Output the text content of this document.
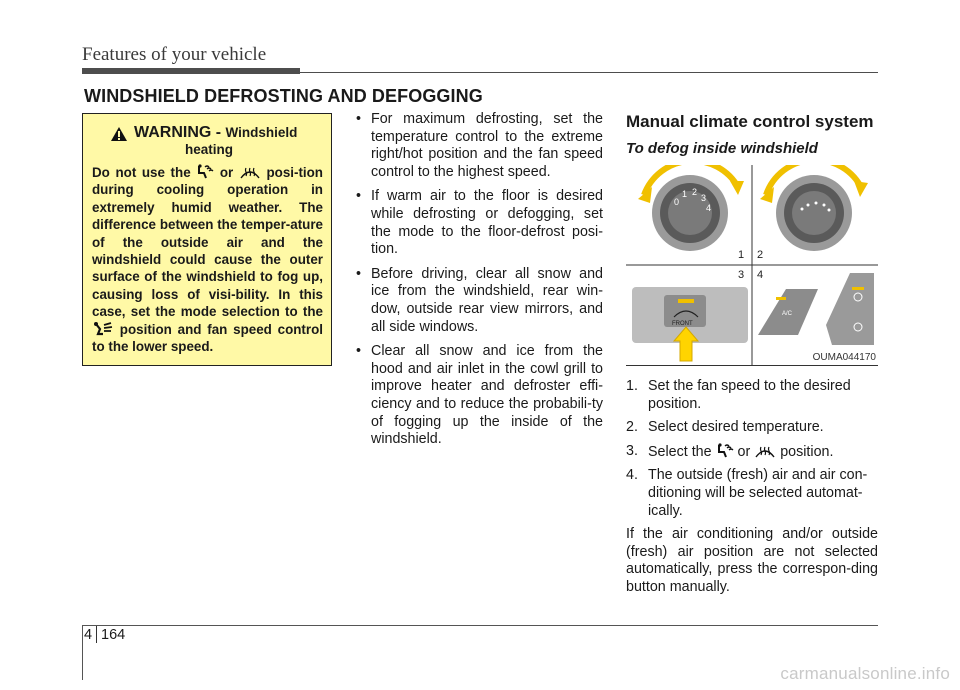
Features of your vehicle
WINDSHIELD DEFROSTING AND DEFOGGING
WARNING - Windshield
heating
Do not use the  or  posi-tion during cooling operation in extremely humid weather. The difference between the temper-ature of the outside air and the windshield could cause the outer surface of the windshield to fog up, causing loss of visi-bility. In this case, set the mode selection to the  position and fan speed control to the lower speed.
• For maximum defrosting, set the temperature control to the extreme right/hot position and the fan speed control to the highest speed.
• If warm air to the floor is desired while defrosting or defogging, set the mode to the floor-defrost posi-tion.
• Before driving, clear all snow and ice from the windshield, rear win-dow, outside rear view mirrors, and all side windows.
• Clear all snow and ice from the hood and air inlet in the cowl grill to improve heater and defroster effi-ciency and to reduce the probabili-ty of fogging up the inside of the windshield.
Manual climate control system
To defog inside windshield
0
1 2
3
4
FRONT
A/C
1 2
3 4
OUMA044170
1. Set the fan speed to the desired position.
2. Select desired temperature.
3. Select the  or  position.
4. The outside (fresh) air and air con-ditioning will be selected automat-ically.
If the air conditioning and/or outside (fresh) air position are not selected automatically, press the correspon-ding button manually.
4 164
carmanualsonline.info
